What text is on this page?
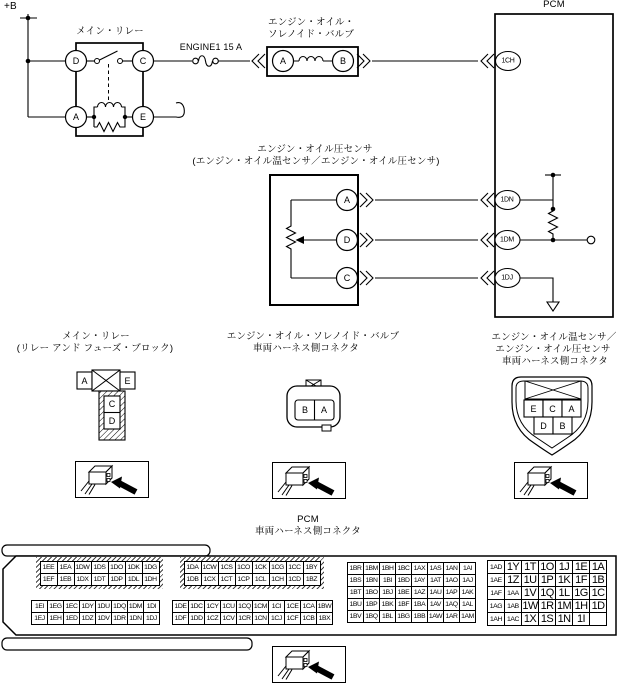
+B
メイン・リレー
ENGINE1 15 A
エンジン・オイル・
ソレノイド・バルブ
PCM
エンジン・オイル圧センサ
(エンジン・オイル温センサ／エンジン・オイル圧センサ)
D	C
A	E
A	B
A
D
C
1CH
1DN
1DM
1DJ
メイン・リレー
(リレー アンド フューズ・ブロック)
エンジン・オイル・ソレノイド・バルブ
車両ハーネス側コネクタ
エンジン・オイル温センサ／
エンジン・オイル圧センサ
車両ハーネス側コネクタ
A	E
C
D
B A	E C A
D B
PCM
車両ハーネス側コネクタ
1EE	1EA	1DW	1DS	1DO	1DK	1DG
1EF	1EB	1DX	1DT	1DP	1DL	1DH
1EI	1EG	1EC	1DY	1DU	1DQ	1DM	1DI
1EJ	1EH	1ED	1DZ	1DV	1DR	1DN	1DJ
1DA	1CW	1CS	1CO	1CK	1CG	1CC	1BY
1DB	1CX	1CT	1CP	1CL	1CH	1CD	1BZ
1DE	1DC	1CY	1CU	1CQ	1CM	1CI	1CE	1CA	1BW
1DF	1DD	1CZ	1CV	1CR	1CN	1CJ	1CF	1CB	1BX
1BR	1BM	1BH	1BC	1AX	1AS	1AN	1AI
1BS	1BN	1BI	1BD	1AY	1AT	1AO	1AJ
1BT	1BO	1BJ	1BE	1AZ	1AU	1AP	1AK
1BU	1BP	1BK	1BF	1BA	1AV	1AQ	1AL
1BV	1BQ	1BL	1BG	1BB	1AW	1AR	1AM
1AD	1Y	1T	1O	1J	1E	1A
1AE	1Z	1U	1P	1K	1F	1B
1AF	1AA	1V	1Q	1L	1G	1C
1AG	1AB	1W	1R	1M	1H	1D
1AH	1AC	1X	1S	1N	1I	
